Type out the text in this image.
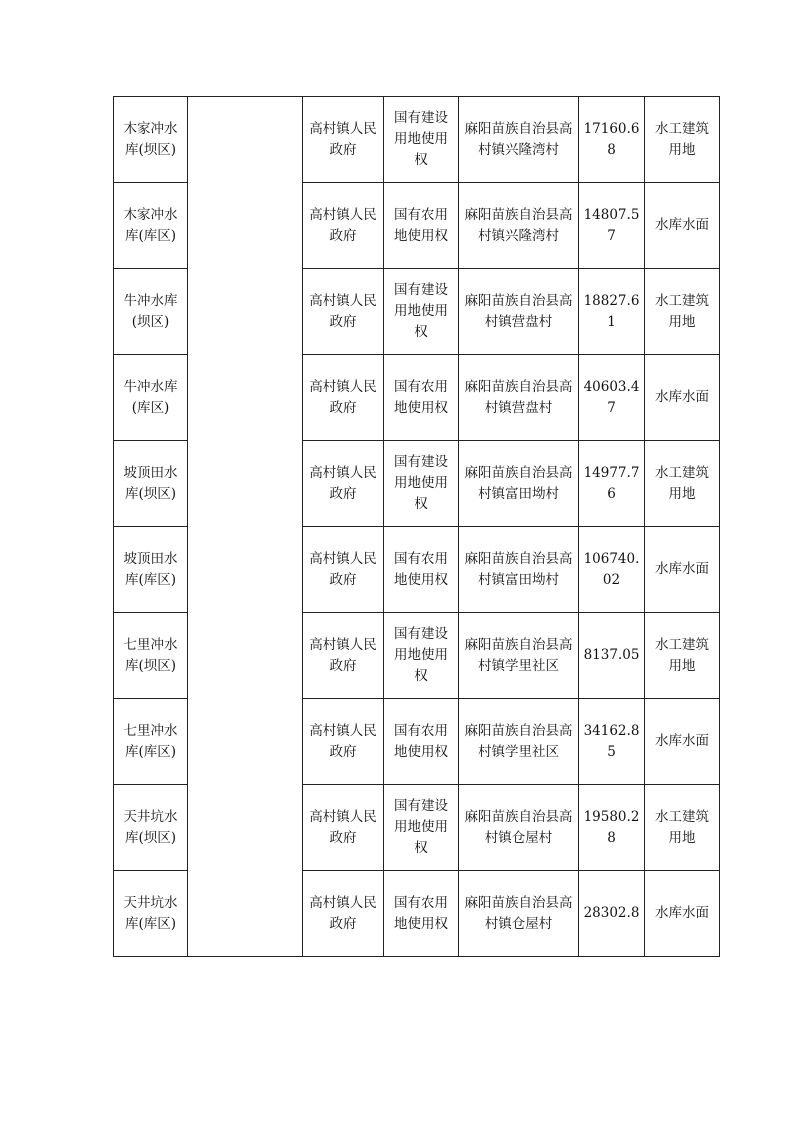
木家冲水库(坝区)		高村镇人民政府	国有建设用地使用权	麻阳苗族自治县高村镇兴隆湾村	17160.68	水工建筑用地
木家冲水库(库区)		高村镇人民政府	国有农用地使用权	麻阳苗族自治县高村镇兴隆湾村	14807.57	水库水面
牛冲水库(坝区)		高村镇人民政府	国有建设用地使用权	麻阳苗族自治县高村镇营盘村	18827.61	水工建筑用地
牛冲水库(库区)		高村镇人民政府	国有农用地使用权	麻阳苗族自治县高村镇营盘村	40603.47	水库水面
坡顶田水库(坝区)		高村镇人民政府	国有建设用地使用权	麻阳苗族自治县高村镇富田坳村	14977.76	水工建筑用地
坡顶田水库(库区)		高村镇人民政府	国有农用地使用权	麻阳苗族自治县高村镇富田坳村	106740.02	水库水面
七里冲水库(坝区)		高村镇人民政府	国有建设用地使用权	麻阳苗族自治县高村镇学里社区	8137.05	水工建筑用地
七里冲水库(库区)		高村镇人民政府	国有农用地使用权	麻阳苗族自治县高村镇学里社区	34162.85	水库水面
天井坑水库(坝区)		高村镇人民政府	国有建设用地使用权	麻阳苗族自治县高村镇仓屋村	19580.28	水工建筑用地
天井坑水库(库区)		高村镇人民政府	国有农用地使用权	麻阳苗族自治县高村镇仓屋村	28302.8	水库水面
